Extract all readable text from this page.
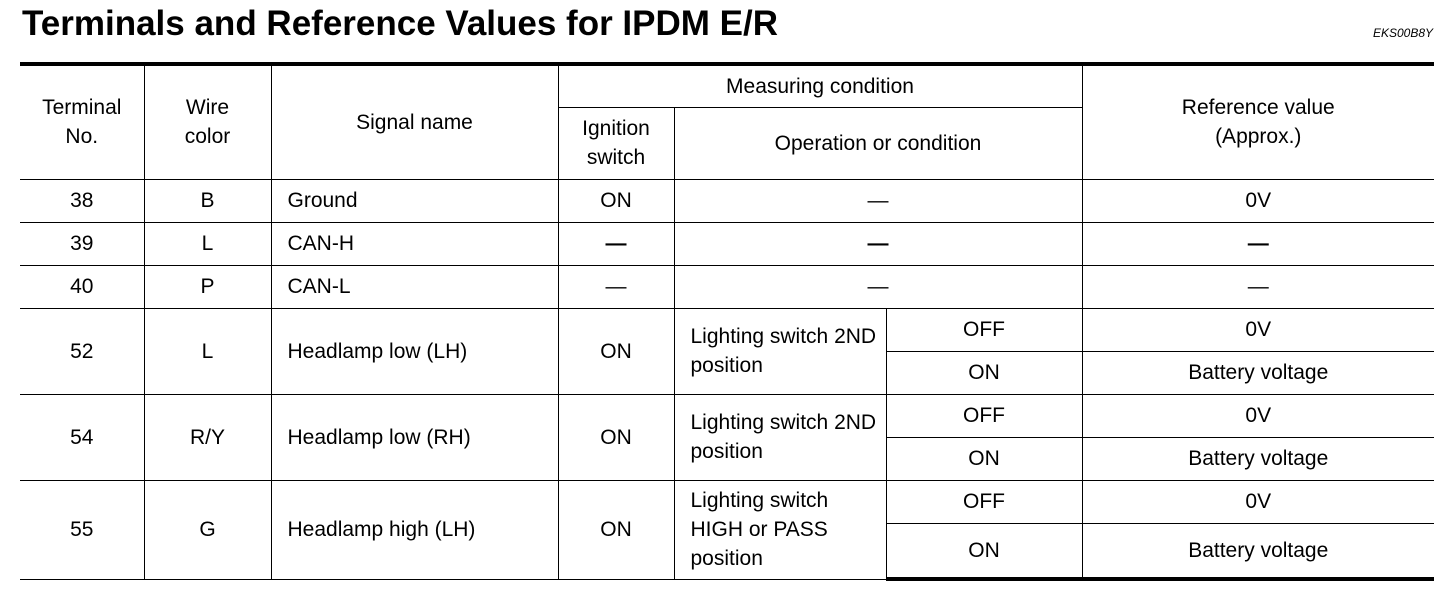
Terminals and Reference Values for IPDM E/R	EKS00B8Y
Terminal No.	Wire color	Signal name	Measuring condition			Reference value (Approx.)
			Ignition switch	Operation or condition		
38	B	Ground	ON	—		0V
39	L	CAN-H	—	—		—
40	P	CAN-L	—	—		—
52	L	Headlamp low (LH)	ON	Lighting switch 2ND position	OFF	0V
					ON	Battery voltage
54	R/Y	Headlamp low (RH)	ON	Lighting switch 2ND position	OFF	0V
					ON	Battery voltage
55	G	Headlamp high (LH)	ON	Lighting switch HIGH or PASS position	OFF	0V
					ON	Battery voltage
